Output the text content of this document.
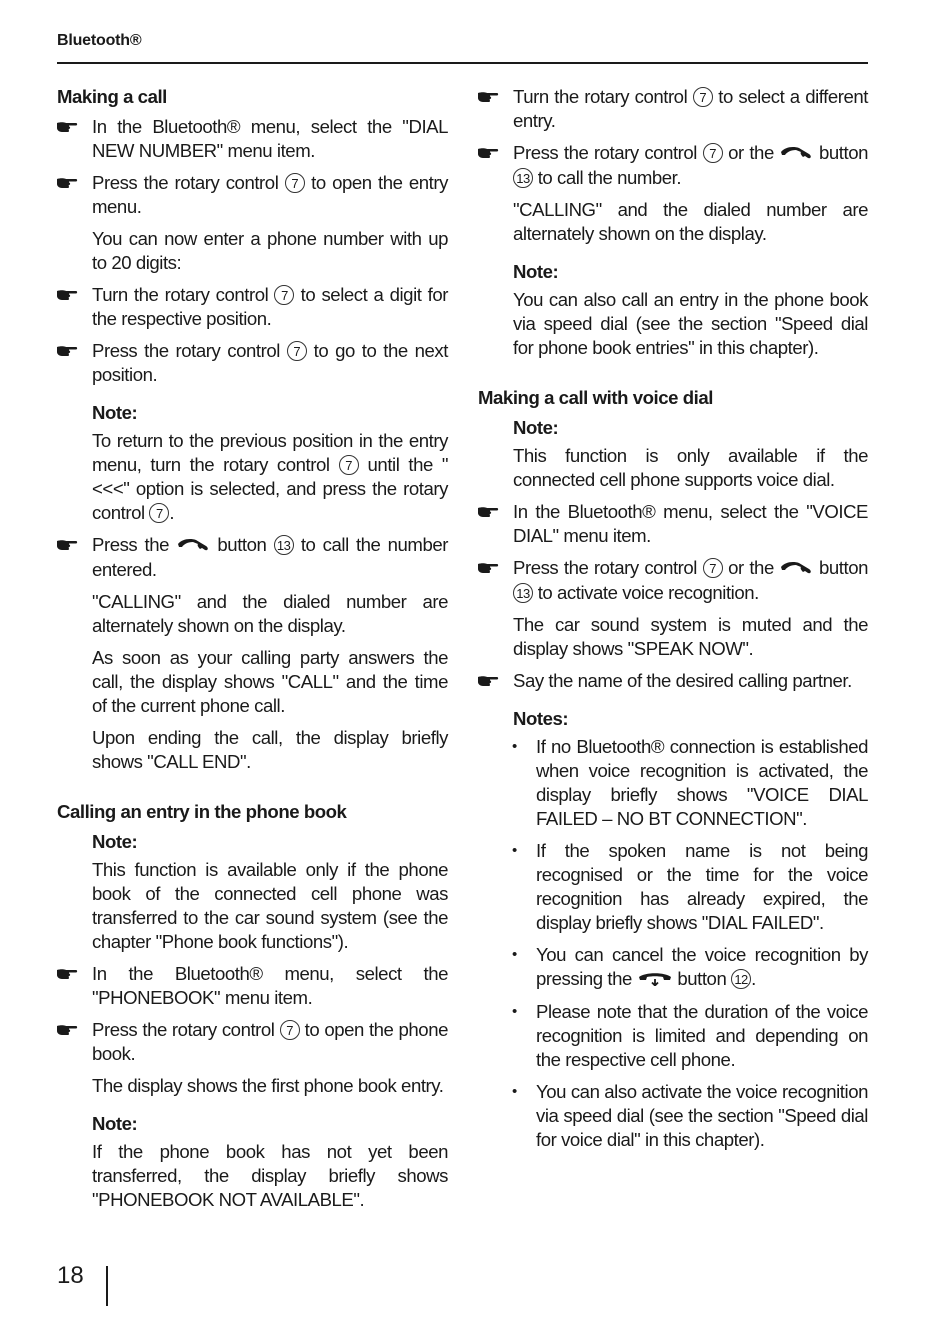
Bluetooth®
Making a call
In the Bluetooth® menu, select the "DIAL NEW NUMBER" menu item.
Press the rotary control 7 to open the entry menu.
You can now enter a phone number with up to 20 digits:
Turn the rotary control 7 to select a digit for the respective position.
Press the rotary control 7 to go to the next position.
Note:
To return to the previous position in the entry menu, turn the rotary control 7 until the "<<<" option is selected, and press the rotary control 7 .
Press the  button 13 to call the number entered.
"CALLING" and the dialed number are alternately shown on the display.
As soon as your calling party answers the call, the display shows "CALL" and the time of the current phone call.
Upon ending the call, the display briefly shows "CALL END".
Calling an entry in the phone book
Note:
This function is available only if the phone book of the connected cell phone was transferred to the car sound system (see the chapter "Phone book functions").
In the Bluetooth® menu, select the "PHONEBOOK" menu item.
Press the rotary control 7 to open the phone book.
The display shows the first phone book entry.
Note:
If the phone book has not yet been transferred, the display briefly shows "PHONEBOOK NOT AVAILABLE".
Turn the rotary control 7 to select a different entry.
Press the rotary control 7 or the  button 13 to call the number.
"CALLING" and the dialed number are alternately shown on the display.
Note:
You can also call an entry in the phone book via speed dial (see the section "Speed dial for phone book entries" in this chapter).
Making a call with voice dial
Note:
This function is only available if the connected cell phone supports voice dial.
In the Bluetooth® menu, select the "VOICE DIAL" menu item.
Press the rotary control 7 or the  button 13 to activate voice recognition.
The car sound system is muted and the display shows "SPEAK NOW".
Say the name of the desired calling partner.
Notes:
• If no Bluetooth® connection is established when voice recognition is activated, the display briefly shows "VOICE DIAL FAILED – NO BT CONNECTION".
• If the spoken name is not being recognised or the time for the voice recognition has already expired, the display briefly shows "DIAL FAILED".
• You can cancel the voice recognition by pressing the  button 12 .
• Please note that the duration of the voice recognition is limited and depending on the respective cell phone.
• You can also activate the voice recognition via speed dial (see the section "Speed dial for voice dial" in this chapter).
18
